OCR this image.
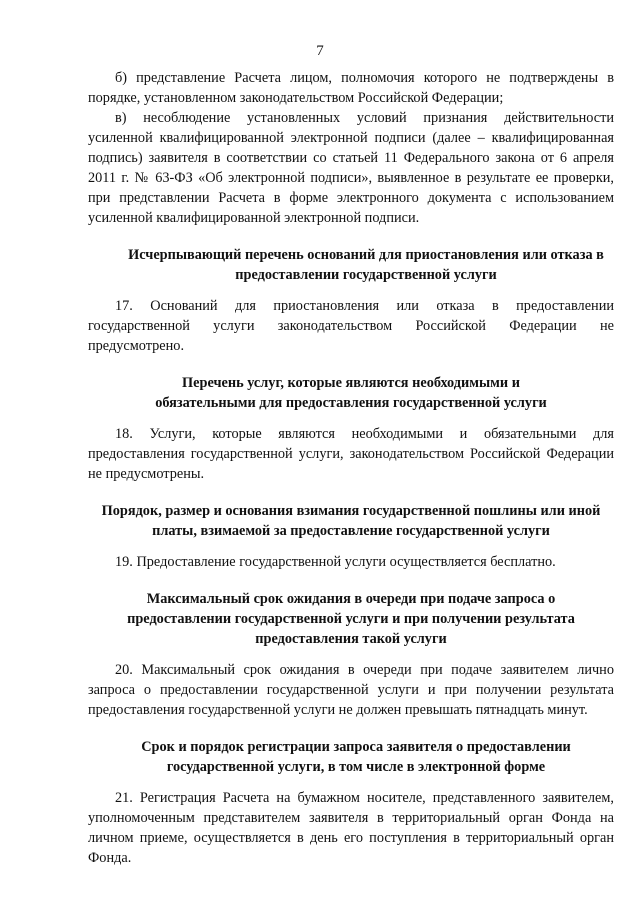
7

б) представление Расчета лицом, полномочия которого не подтверждены в порядке, установленном законодательством Российской Федерации;

в) несоблюдение установленных условий признания действительности усиленной квалифицированной электронной подписи (далее – квалифицированная подпись) заявителя в соответствии со статьей 11 Федерального закона от 6 апреля 2011 г. № 63-ФЗ «Об электронной подписи», выявленное в результате ее проверки, при представлении Расчета в форме электронного документа с использованием усиленной квалифицированной электронной подписи.

Исчерпывающий перечень оснований для приостановления или отказа в предоставлении государственной услуги

17. Оснований для приостановления или отказа в предоставлении государственной услуги законодательством Российской Федерации не предусмотрено.

Перечень услуг, которые являются необходимыми и обязательными для предоставления государственной услуги

18. Услуги, которые являются необходимыми и обязательными для предоставления государственной услуги, законодательством Российской Федерации не предусмотрены.

Порядок, размер и основания взимания государственной пошлины или иной платы, взимаемой за предоставление государственной услуги

19. Предоставление государственной услуги осуществляется бесплатно.

Максимальный срок ожидания в очереди при подаче запроса о предоставлении государственной услуги и при получении результата предоставления такой услуги

20. Максимальный срок ожидания в очереди при подаче заявителем лично запроса о предоставлении государственной услуги и при получении результата предоставления государственной услуги не должен превышать пятнадцать минут.

Срок и порядок регистрации запроса заявителя о предоставлении государственной услуги, в том числе в электронной форме

21. Регистрация Расчета на бумажном носителе, представленного заявителем, уполномоченным представителем заявителя в территориальный орган Фонда на личном приеме, осуществляется в день его поступления в территориальный орган Фонда.
